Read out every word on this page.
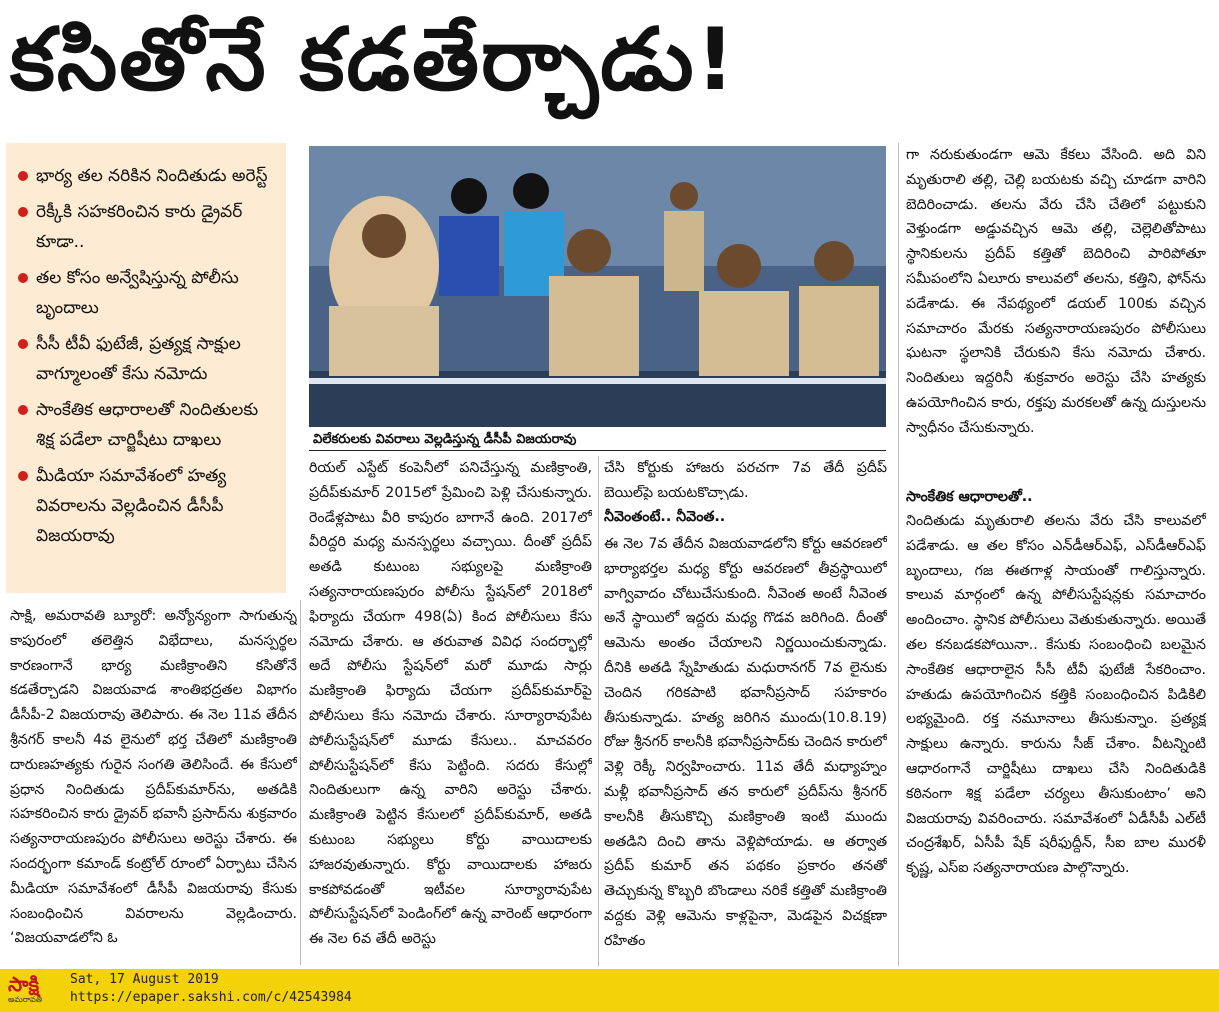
కసితోనే కడతేర్చాడు!
భార్య తల నరికిన నిందితుడు అరెస్ట్
రెక్కీకి సహకరించిన కారు డ్రైవర్ కూడా..
తల కోసం అన్వేషిస్తున్న పోలీసు బృందాలు
సీసీ టీవీ ఫుటేజీ, ప్రత్యక్ష సాక్షుల వాగ్మూలంతో కేసు నమోదు
సాంకేతిక ఆధారాలతో నిందితులకు శిక్ష పడేలా చార్జిషీటు దాఖలు
మీడియా సమావేశంలో హత్య వివరాలను వెల్లడించిన డీసీపీ విజయరావు
విలేకరులకు వివరాలు వెల్లడిస్తున్న డీసీపీ విజయరావు
సాక్షి, అమరావతి బ్యూరో: అన్యోన్యంగా సాగుతున్న కాపురంలో తలెత్తిన విభేదాలు, మనస్పర్థల కారణంగానే భార్య మణిక్రాంతిని కసితోనే కడతేర్చాడని విజయవాడ శాంతిభద్రతల విభాగం డీసీపీ-2 విజయరావు తెలిపారు. ఈ నెల 11వ తేదీన శ్రీనగర్ కాలనీ 4వ లైనులో భర్త చేతిలో మణిక్రాంతి దారుణహత్యకు గురైన సంగతి తెలిసిందే. ఈ కేసులో ప్రధాన నిందితుడు ప్రదీప్‌కుమార్‌ను, అతడికి సహకరించిన కారు డ్రైవర్ భవానీ ప్రసాద్‌ను శుక్రవారం సత్యనారాయణపురం పోలీసులు అరెస్టు చేశారు. ఈ సందర్భంగా కమాండ్ కంట్రోల్ రూంలో ఏర్పాటు చేసిన మీడియా సమావేశంలో డీసీపీ విజయరావు కేసుకు సంబంధించిన వివరాలను వెల్లడించారు. ‘విజయవాడలోని ఓ
రియల్ ఎస్టేట్ కంపెనీలో పనిచేస్తున్న మణిక్రాంతి, ప్రదీప్‌కుమార్ 2015లో ప్రేమించి పెళ్లి చేసుకున్నారు. రెండేళ్లపాటు వీరి కాపురం బాగానే ఉంది. 2017లో వీరిద్దరి మధ్య మనస్పర్థలు వచ్చాయి. దీంతో ప్రదీప్ అతడి కుటుంబ సభ్యులపై మణిక్రాంతి సత్యనారాయణపురం పోలీసు స్టేషన్‌లో 2018లో ఫిర్యాదు చేయగా 498(ఏ) కింద పోలీసులు కేసు నమోదు చేశారు. ఆ తరువాత వివిధ సందర్భాల్లో అదే పోలీసు స్టేషన్‌లో మరో మూడు సార్లు మణిక్రాంతి ఫిర్యాదు చేయగా ప్రదీప్‌కుమార్‌పై పోలీసులు కేసు నమోదు చేశారు. సూర్యారావుపేట పోలీసుస్టేషన్‌లో మూడు కేసులు.. మాచవరం పోలీసుస్టేషన్‌లో కేసు పెట్టింది. సదరు కేసుల్లో నిందితులుగా ఉన్న వారిని అరెస్టు చేశారు. మణిక్రాంతి పెట్టిన కేసులలో ప్రదీప్‌కుమార్, అతడి కుటుంబ సభ్యులు కోర్టు వాయిదాలకు హాజరవుతున్నారు. కోర్టు వాయిదాలకు హాజరు కాకపోవడంతో ఇటీవల సూర్యారావుపేట పోలీసుస్టేషన్‌లో పెండింగ్‌లో ఉన్న వారెంట్ ఆధారంగా ఈ నెల 6వ తేదీ అరెస్టు
చేసి కోర్టుకు హాజరు పరచగా 7వ తేదీ ప్రదీప్ బెయిల్‌పై బయటకొచ్చాడు.
నీవెంతంటే.. నీవెంత..
ఈ నెల 7వ తేదీన విజయవాడలోని కోర్టు ఆవరణలో భార్యాభర్తల మధ్య కోర్టు ఆవరణలో తీవ్రస్థాయిలో వాగ్వివాదం చోటుచేసుకుంది. నీవెంత అంటే నీవెంత అనే స్థాయిలో ఇద్దరు మధ్య గొడవ జరిగింది. దీంతో ఆమెను అంతం చేయాలని నిర్ణయించుకున్నాడు. దీనికి అతడి స్నేహితుడు మధురానగర్ 7వ లైనుకు చెందిన గరికపాటి భవానీప్రసాద్ సహకారం తీసుకున్నాడు. హత్య జరిగిన ముందు(10.8.19) రోజు శ్రీనగర్ కాలనీకి భవానీప్రసాద్‌కు చెందిన కారులో వెళ్లి రెక్కీ నిర్వహించారు. 11వ తేదీ మధ్యాహ్నం మళ్లీ భవానీప్రసాద్ తన కారులో ప్రదీప్‌ను శ్రీనగర్ కాలనీకి తీసుకొచ్చి మణిక్రాంతి ఇంటి ముందు అతడిని దించి తాను వెళ్లిపోయాడు. ఆ తర్వాత ప్రదీప్ కుమార్ తన పథకం ప్రకారం తనతో తెచ్చుకున్న కొబ్బరి బొండాలు నరికే కత్తితో మణిక్రాంతి వద్దకు వెళ్లి ఆమెను కాళ్లపైనా, మెడపైన విచక్షణా రహితం
గా నరుకుతుండగా ఆమె కేకలు వేసింది. అది విని మృతురాలి తల్లి, చెల్లి బయటకు వచ్చి చూడగా వారిని బెదిరించాడు. తలను వేరు చేసి చేతిలో పట్టుకుని వెళ్తుండగా అడ్డువచ్చిన ఆమె తల్లి, చెల్లెలితోపాటు స్థానికులను ప్రదీప్ కత్తితో బెదిరించి పారిపోతూ సమీపంలోని ఏలూరు కాలువలో తలను, కత్తిని, ఫోన్‌ను పడేశాడు. ఈ నేపథ్యంలో డయల్ 100కు వచ్చిన సమాచారం మేరకు సత్యనారాయణపురం పోలీసులు ఘటనా స్థలానికి చేరుకుని కేసు నమోదు చేశారు. నిందితులు ఇద్దరినీ శుక్రవారం అరెస్టు చేసి హత్యకు ఉపయోగించిన కారు, రక్తపు మరకలతో ఉన్న దుస్తులను స్వాధీనం చేసుకున్నారు.
సాంకేతిక ఆధారాలతో..
నిందితుడు మృతురాలి తలను వేరు చేసి కాలువలో పడేశాడు. ఆ తల కోసం ఎన్‌డీఆర్ఎఫ్, ఎస్‌డీఆర్ఎఫ్ బృందాలు, గజ ఈతగాళ్ల సాయంతో గాలిస్తున్నారు. కాలువ మార్గంలో ఉన్న పోలీసుస్టేషన్లకు సమాచారం అందించాం. స్థానిక పోలీసులు వెతుకుతున్నారు. అయితే తల కనబడకపోయినా.. కేసుకు సంబంధించి బలమైన సాంకేతిక ఆధారాలైన సీసీ టీవీ ఫుటేజీ సేకరించాం. హతుడు ఉపయోగించిన కత్తికి సంబంధించిన పిడికిలి లభ్యమైంది. రక్త నమూనాలు తీసుకున్నాం. ప్రత్యక్ష సాక్షులు ఉన్నారు. కారును సీజ్ చేశాం. వీటన్నింటి ఆధారంగానే చార్జిషీటు దాఖలు చేసి నిందితుడికి కఠినంగా శిక్ష పడేలా చర్యలు తీసుకుంటాం’ అని విజయరావు వివరించారు. సమావేశంలో ఏడీసీపీ ఎల్‌టీ చంద్రశేఖర్, ఏసీపీ షేక్ షరీఫుద్దీన్, సీఐ బాల మురళీ కృష్ణ, ఎస్ఐ సత్యనారాయణ పాల్గొన్నారు.
సాక్షి
అమరావతి
Sat, 17 August 2019
https://epaper.sakshi.com/c/42543984
